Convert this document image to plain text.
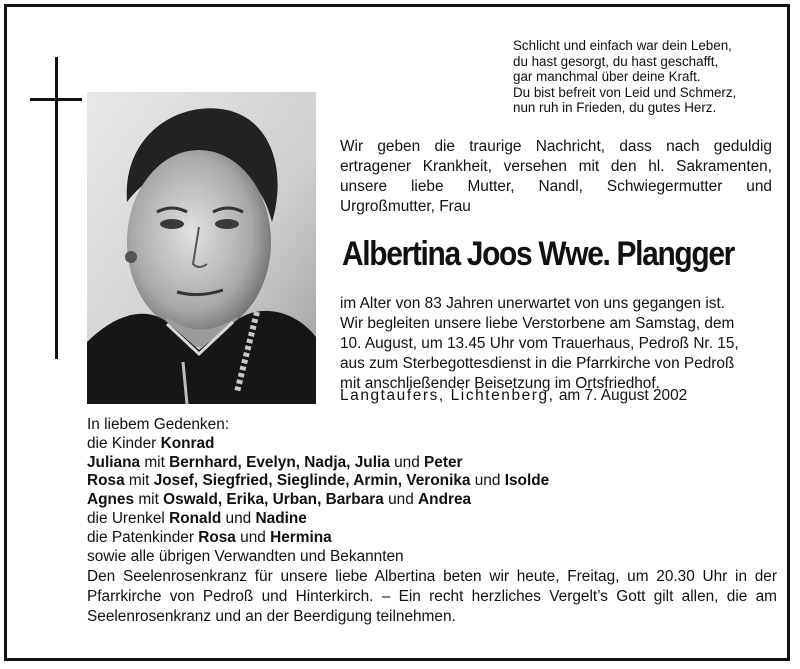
Schlicht und einfach war dein Leben,
du hast gesorgt, du hast geschafft,
gar manchmal über deine Kraft.
Du bist befreit von Leid und Schmerz,
nun ruh in Frieden, du gutes Herz.
Wir geben die traurige Nachricht, dass nach geduldig ertragener Krankheit, versehen mit den hl. Sakramenten, unsere liebe Mutter, Nandl, Schwiegermutter und Urgroßmutter, Frau
Albertina Joos Wwe. Plangger
im Alter von 83 Jahren unerwartet von uns gegangen ist.
Wir begleiten unsere liebe Verstorbene am Samstag, dem
10. August, um 13.45 Uhr vom Trauerhaus, Pedroß Nr. 15,
aus zum Sterbegottesdienst in die Pfarrkirche von Pedroß
mit anschließender Beisetzung im Ortsfriedhof.
Langtaufers, Lichtenberg, am 7. August 2002
In liebem Gedenken:
die Kinder Konrad
Juliana mit Bernhard, Evelyn, Nadja, Julia und Peter
Rosa mit Josef, Siegfried, Sieglinde, Armin, Veronika und Isolde
Agnes mit Oswald, Erika, Urban, Barbara und Andrea
die Urenkel Ronald und Nadine
die Patenkinder Rosa und Hermina
sowie alle übrigen Verwandten und Bekannten
Den Seelenrosenkranz für unsere liebe Albertina beten wir heute, Freitag, um 20.30 Uhr in der Pfarrkirche von Pedroß und Hinterkirch. – Ein recht herzliches Vergelt’s Gott gilt allen, die am Seelenrosenkranz und an der Beerdigung teilnehmen.
